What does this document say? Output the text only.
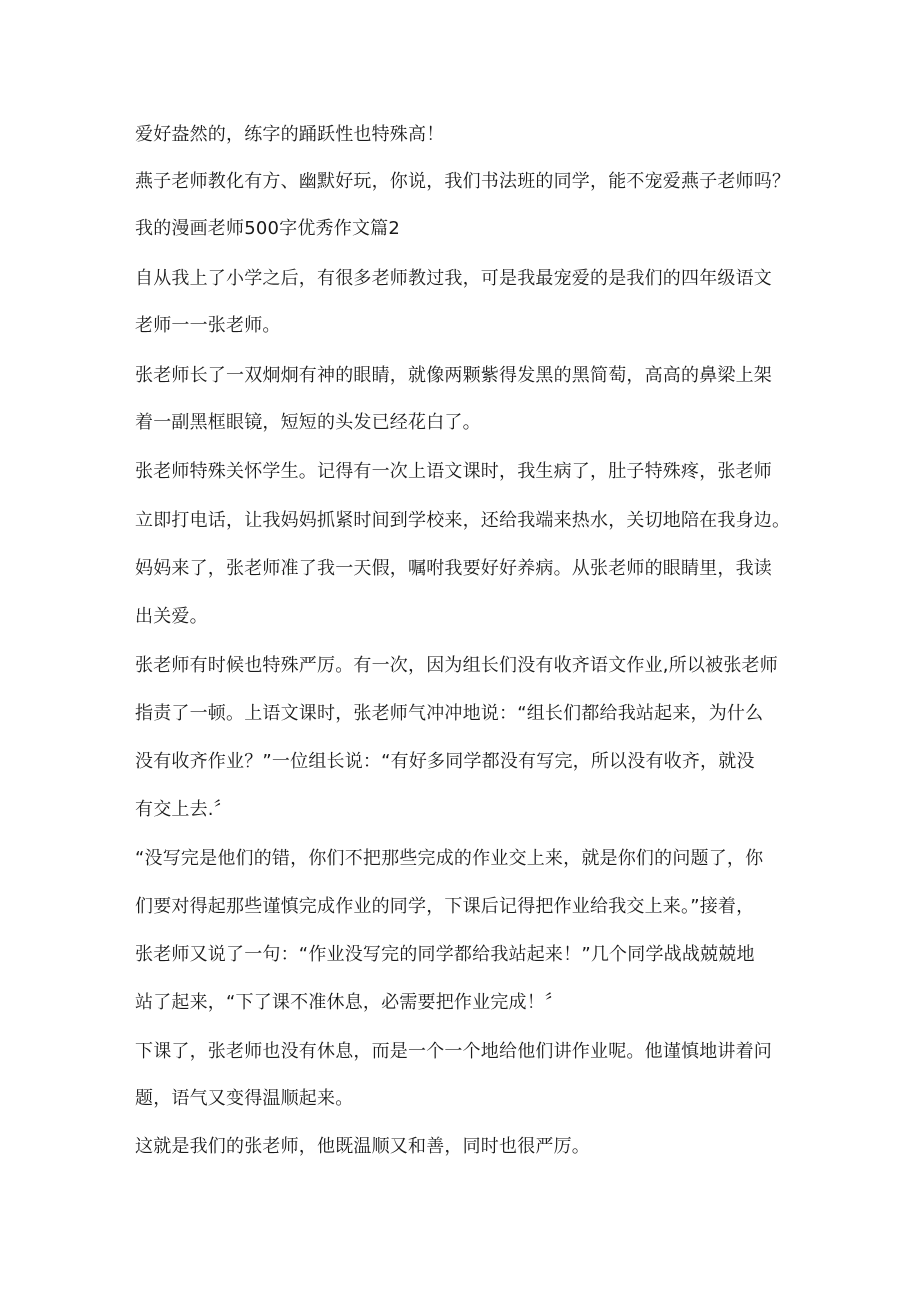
爱好盎然的，练字的踊跃性也特殊高！

燕子老师教化有方、幽默好玩，你说，我们书法班的同学，能不宠爱燕子老师吗？

我的漫画老师500字优秀作文篇2

自从我上了小学之后，有很多老师教过我，可是我最宠爱的是我们的四年级语文

老师一一张老师。

张老师长了一双炯炯有神的眼睛，就像两颗紫得发黑的黑简萄，高高的鼻梁上架

着一副黑框眼镜，短短的头发已经花白了。

张老师特殊关怀学生。记得有一次上语文课时，我生病了，肚子特殊疼，张老师

立即打电话，让我妈妈抓紧时间到学校来，还给我端来热水，关切地陪在我身边。

妈妈来了，张老师准了我一天假，嘱咐我要好好养病。从张老师的眼睛里，我读

出关爱。

张老师有时候也特殊严厉。有一次，因为组长们没有收齐语文作业,所以被张老师

指责了一顿。上语文课时，张老师气冲冲地说：“组长们都给我站起来，为什么

没有收齐作业？”一位组长说：“有好多同学都没有写完，所以没有收齐，就没

有交上去.〞

“没写完是他们的错，你们不把那些完成的作业交上来，就是你们的问题了，你

们要对得起那些谨慎完成作业的同学，下课后记得把作业给我交上来。”接着，

张老师又说了一句：“作业没写完的同学都给我站起来！”几个同学战战兢兢地

站了起来，“下了课不准休息，必需要把作业完成！〞

下课了，张老师也没有休息，而是一个一个地给他们讲作业呢。他谨慎地讲着问

题，语气又变得温顺起来。

这就是我们的张老师，他既温顺又和善，同时也很严厉。
